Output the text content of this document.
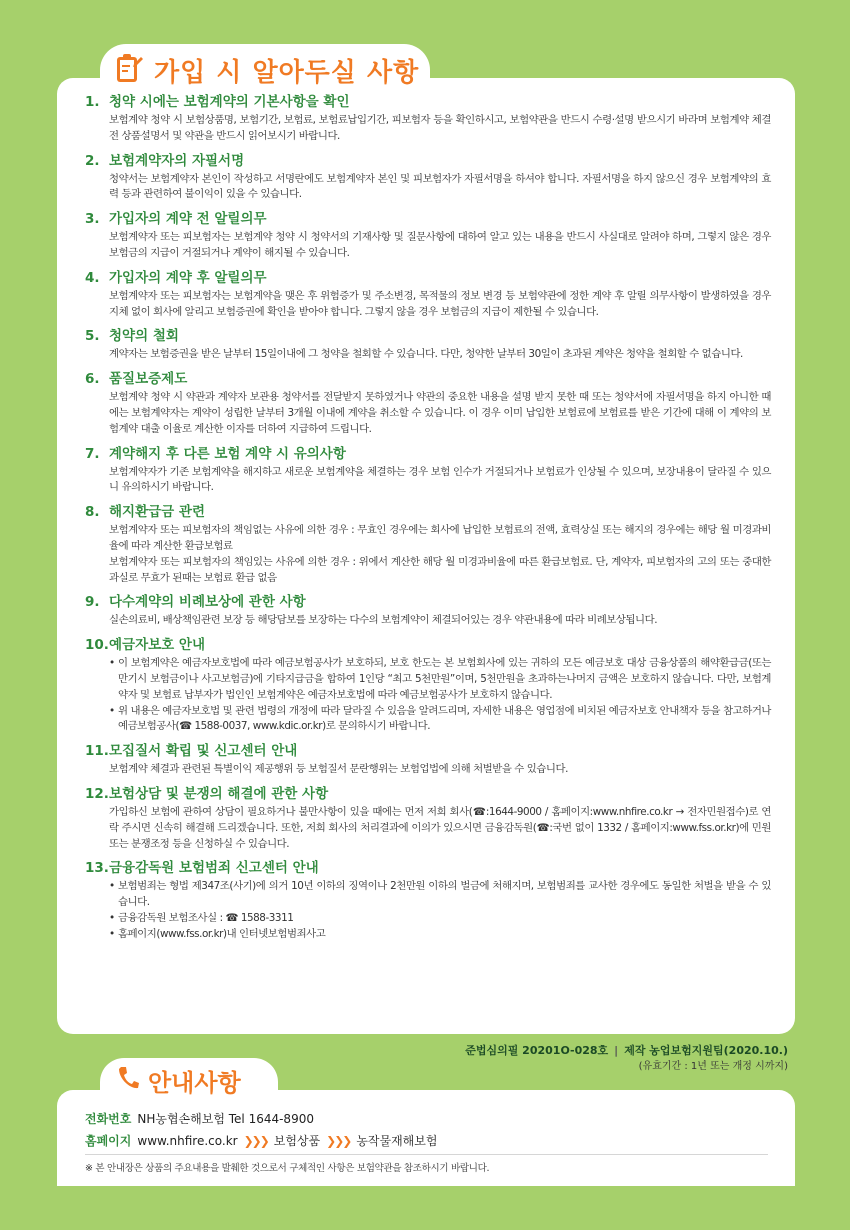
가입 시 알아두실 사항
1. 청약 시에는 보험계약의 기본사항을 확인

보험계약 청약 시 보험상품명, 보험기간, 보험료, 보험료납입기간, 피보험자 등을 확인하시고, 보험약관을 반드시 수령·설명 받으시기 바라며 보험계약 체결 전 상품설명서 및 약관을 반드시 읽어보시기 바랍니다.

2. 보험계약자의 자필서명

청약서는 보험계약자 본인이 작성하고 서명란에도 보험계약자 본인 및 피보험자가 자필서명을 하셔야 합니다. 자필서명을 하지 않으신 경우 보험계약의 효력 등과 관련하여 불이익이 있을 수 있습니다.

3. 가입자의 계약 전 알릴의무

보험계약자 또는 피보험자는 보험계약 청약 시 청약서의 기재사항 및 질문사항에 대하여 알고 있는 내용을 반드시 사실대로 알려야 하며, 그렇지 않은 경우 보험금의 지급이 거절되거나 계약이 해지될 수 있습니다.

4. 가입자의 계약 후 알릴의무

보험계약자 또는 피보험자는 보험계약을 맺은 후 위험증가 및 주소변경, 목적물의 정보 변경 등 보험약관에 정한 계약 후 알릴 의무사항이 발생하였을 경우 지체 없이 회사에 알리고 보험증권에 확인을 받아야 합니다. 그렇지 않을 경우 보험금의 지급이 제한될 수 있습니다.

5. 청약의 철회

계약자는 보험증권을 받은 날부터 15일이내에 그 청약을 철회할 수 있습니다. 다만, 청약한 날부터 30일이 초과된 계약은 청약을 철회할 수 없습니다.

6. 품질보증제도

보험계약 청약 시 약관과 계약자 보관용 청약서를 전달받지 못하였거나 약관의 중요한 내용을 설명 받지 못한 때 또는 청약서에 자필서명을 하지 아니한 때에는 보험계약자는 계약이 성립한 날부터 3개월 이내에 계약을 취소할 수 있습니다. 이 경우 이미 납입한 보험료에 보험료를 받은 기간에 대해 이 계약의 보험계약 대출 이율로 계산한 이자를 더하여 지급하여 드립니다.

7. 계약해지 후 다른 보험 계약 시 유의사항

보험계약자가 기존 보험계약을 해지하고 새로운 보험계약을 체결하는 경우 보험 인수가 거절되거나 보험료가 인상될 수 있으며, 보장내용이 달라질 수 있으니 유의하시기 바랍니다.

8. 해지환급금 관련

보험계약자 또는 피보험자의 책임없는 사유에 의한 경우 : 무효인 경우에는 회사에 납입한 보험료의 전액, 효력상실 또는 해지의 경우에는 해당 월 미경과비율에 따라 계산한 환급보험료

보험계약자 또는 피보험자의 책임있는 사유에 의한 경우 : 위에서 계산한 해당 월 미경과비율에 따른 환급보험료. 단, 계약자, 피보험자의 고의 또는 중대한 과실로 무효가 된때는 보험료 환급 없음

9. 다수계약의 비례보상에 관한 사항

실손의료비, 배상책임관련 보장 등 해당담보를 보장하는 다수의 보험계약이 체결되어있는 경우 약관내용에 따라 비례보상됩니다.

10. 예금자보호 안내
• 이 보험계약은 예금자보호법에 따라 예금보험공사가 보호하되, 보호 한도는 본 보험회사에 있는 귀하의 모든 예금보호 대상 금융상품의 해약환급금(또는 만기시 보험금이나 사고보험금)에 기타지급금을 합하여 1인당 “최고 5천만원”이며, 5천만원을 초과하는나머지 금액은 보호하지 않습니다. 다만, 보험계약자 및 보험료 납부자가 법인인 보험계약은 예금자보호법에 따라 예금보험공사가 보호하지 않습니다.
• 위 내용은 예금자보호법 및 관련 법령의 개정에 따라 달라질 수 있음을 알려드리며, 자세한 내용은 영업점에 비치된 예금자보호 안내책자 등을 참고하거나 예금보험공사(☎ 1588-0037, www.kdic.or.kr)로 문의하시기 바랍니다.
11. 모집질서 확립 및 신고센터 안내

보험계약 체결과 관련된 특별이익 제공행위 등 보험질서 문란행위는 보험업법에 의해 처벌받을 수 있습니다.

12. 보험상담 및 분쟁의 해결에 관한 사항

가입하신 보험에 관하여 상담이 필요하거나 불만사항이 있을 때에는 먼저 저희 회사(☎:1644-9000 / 홈페이지:www.nhfire.co.kr → 전자민원접수)로 연락 주시면 신속히 해결해 드리겠습니다. 또한, 저희 회사의 처리결과에 이의가 있으시면 금융감독원(☎:국번 없이 1332 / 홈페이지:www.fss.or.kr)에 민원 또는 분쟁조정 등을 신청하실 수 있습니다.

13. 금융감독원 보험범죄 신고센터 안내
• 보험범죄는 형법 제347조(사기)에 의거 10년 이하의 징역이나 2천만원 이하의 벌금에 처해지며, 보험범죄를 교사한 경우에도 동일한 처벌을 받을 수 있습니다.
• 금융감독원 보험조사실 : ☎ 1588-3311
• 홈페이지(www.fss.or.kr)내 인터넷보험범죄사고
준법심의필 20201O-028호 | 제작 농업보험지원팀(2020.10.)
(유효기간 : 1년 또는 개정 시까지)
안내사항
전화번호 NH농협손해보험 Tel 1644-8900
홈페이지 www.nhfire.co.kr ❯❯❯ 보험상품 ❯❯❯ 농작물재해보험
※ 본 안내장은 상품의 주요내용을 발췌한 것으로서 구체적인 사항은 보험약관을 참조하시기 바랍니다.
